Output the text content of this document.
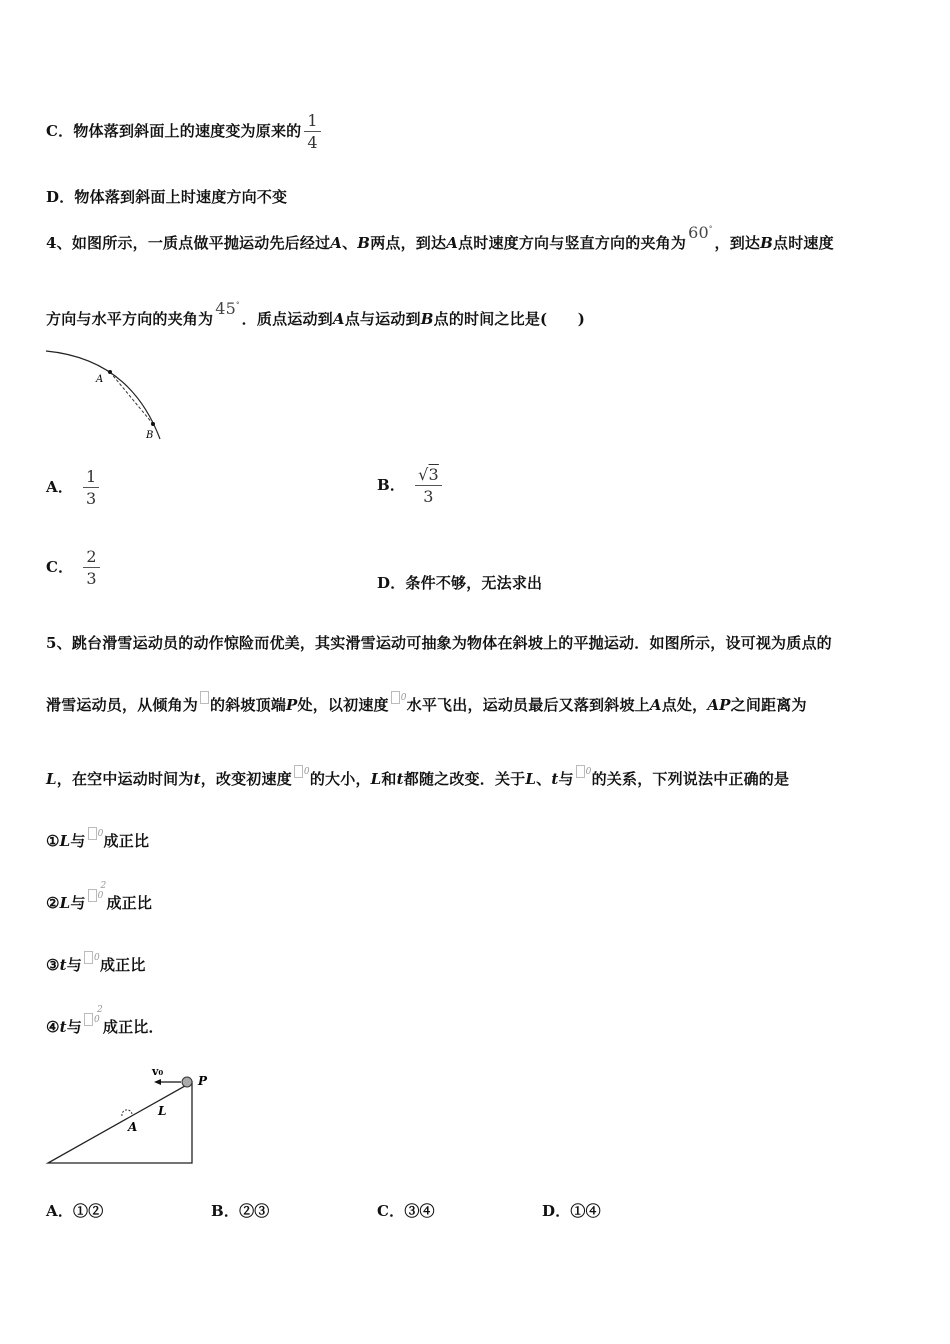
C．物体落到斜面上的速度变为原来的 $\frac{1}{4}$
D．物体落到斜面上时速度方向不变
4、如图所示，一质点做平抛运动先后经过A、B两点，到达A点时速度方向与竖直方向的夹角为60°，到达B点时速度
方向与水平方向的夹角为45°．质点运动到A点与运动到B点的时间之比是(　　)
A
B
A． $\frac{1}{3}$	B． $\frac{√3}{3}$
C． $\frac{2}{3}$	D．条件不够，无法求出
5、跳台滑雪运动员的动作惊险而优美，其实滑雪运动可抽象为物体在斜坡上的平抛运动．如图所示，设可视为质点的
滑雪运动员，从倾角为 的斜坡顶端P处，以初速度 0 水平飞出，运动员最后又落到斜坡上A点处，AP之间距离为
L，在空中运动时间为t，改变初速度 0 的大小，L和t都随之改变．关于L、t与 0 的关系，下列说法中正确的是
①L与 0 成正比
②L与 0
2
成正比
③t与 0 成正比
④t与 0
2
成正比．
v₀
P
L
A
A．①②	B．②③	C．③④	D．①④
